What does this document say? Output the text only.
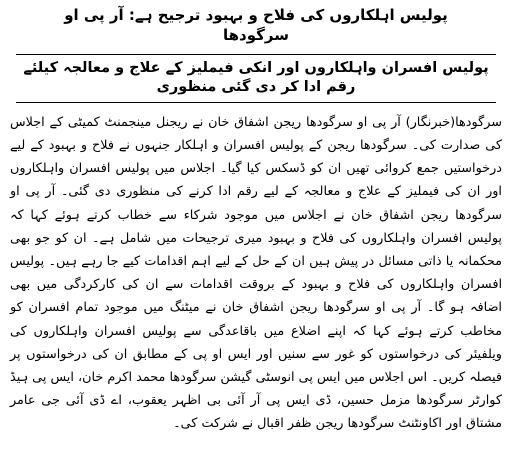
پولیس اہلکاروں کی فلاح و بہبود ترجیح ہے: آر پی او سرگودھا
پولیس افسران واہلکاروں اور انکی فیملیز کے علاج و معالجہ کیلئے رقم ادا کر دی گئی منظوری

سرگودھا(خبرنگار) آر پی او سرگودھا ریجن اشفاق خان نے ریجنل مینجمنٹ کمیٹی کے اجلاس کی صدارت کی۔ سرگودھا ریجن کے پولیس افسران و اہلکار جنہوں نے فلاح و بہبود کے لیے درخواستیں جمع کروائی تھیں ان کو ڈسکس کیا گیا۔ اجلاس میں پولیس افسران واہلکاروں اور ان کی فیملیز کے علاج و معالجہ کے لیے رقم ادا کرنے کی منظوری دی گئی۔ آر پی او سرگودھا ریجن اشفاق خان نے اجلاس میں موجود شرکاء سے خطاب کرتے ہوئے کہا کہ پولیس افسران واہلکاروں کی فلاح و بہبود میری ترجیحات میں شامل ہے۔ ان کو جو بھی محکمانہ یا ذاتی مسائل در پیش ہیں ان کے حل کے لیے اہم اقدامات کیے جا رہے ہیں۔ پولیس افسران واہلکاروں کی فلاح و بہبود کے بروقت اقدامات سے ان کی کارکردگی میں بھی اضافہ ہو گا۔ آر پی او سرگودھا ریجن اشفاق خان نے میٹنگ میں موجود تمام افسران کو مخاطب کرتے ہوئے کہا کہ اپنے اضلاع میں باقاعدگی سے پولیس افسران واہلکاروں کی ویلفیئر کی درخواستوں کو غور سے سنیں اور ایس او پی کے مطابق ان کی درخواستوں پر فیصلہ کریں۔ اس اجلاس میں ایس پی انوسٹی گیشن سرگودھا محمد اکرم خان، ایس پی ہیڈ کوارٹر سرگودھا مزمل حسین، ڈی ایس پی آر آئی بی اظہر یعقوب، اے ڈی آئی جی عامر مشتاق اور اکاونٹنٹ سرگودھا ریجن ظفر اقبال نے شرکت کی۔
